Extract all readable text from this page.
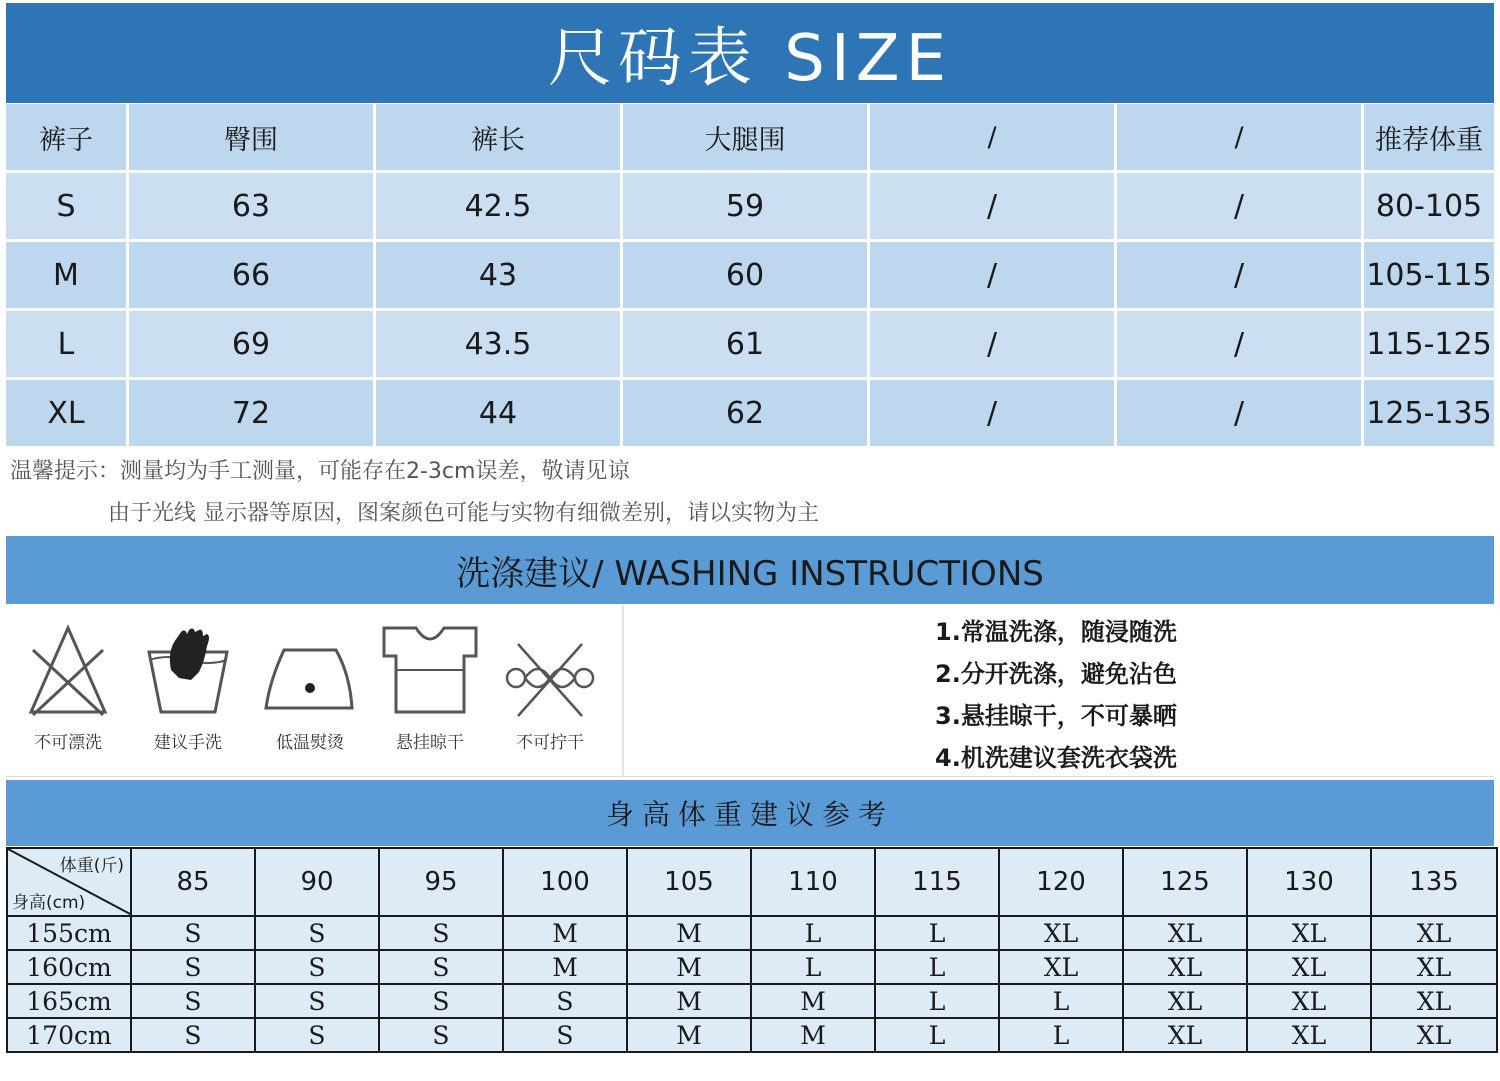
尺码表 SIZE
裤子	臀围	裤长	大腿围	/	/	推荐体重
S	63	42.5	59	/	/	80-105
M	66	43	60	/	/	105-115
L	69	43.5	61	/	/	115-125
XL	72	44	62	/	/	125-135
温馨提示：测量均为手工测量，可能存在2-3cm误差，敬请见谅
由于光线 显示器等原因，图案颜色可能与实物有细微差别，请以实物为主
洗涤建议/ WASHING INSTRUCTIONS
不可漂洗	建议手洗	低温熨烫	悬挂晾干	不可拧干
1.常温洗涤，随浸随洗
2.分开洗涤，避免沾色
3.悬挂晾干，不可暴晒
4.机洗建议套洗衣袋洗
身高体重建议参考
体重(斤)
身高(cm)	85	90	95	100	105	110	115	120	125	130	135
155cm	S	S	S	M	M	L	L	XL	XL	XL	XL
160cm	S	S	S	M	M	L	L	XL	XL	XL	XL
165cm	S	S	S	S	M	M	L	L	XL	XL	XL
170cm	S	S	S	S	M	M	L	L	XL	XL	XL
